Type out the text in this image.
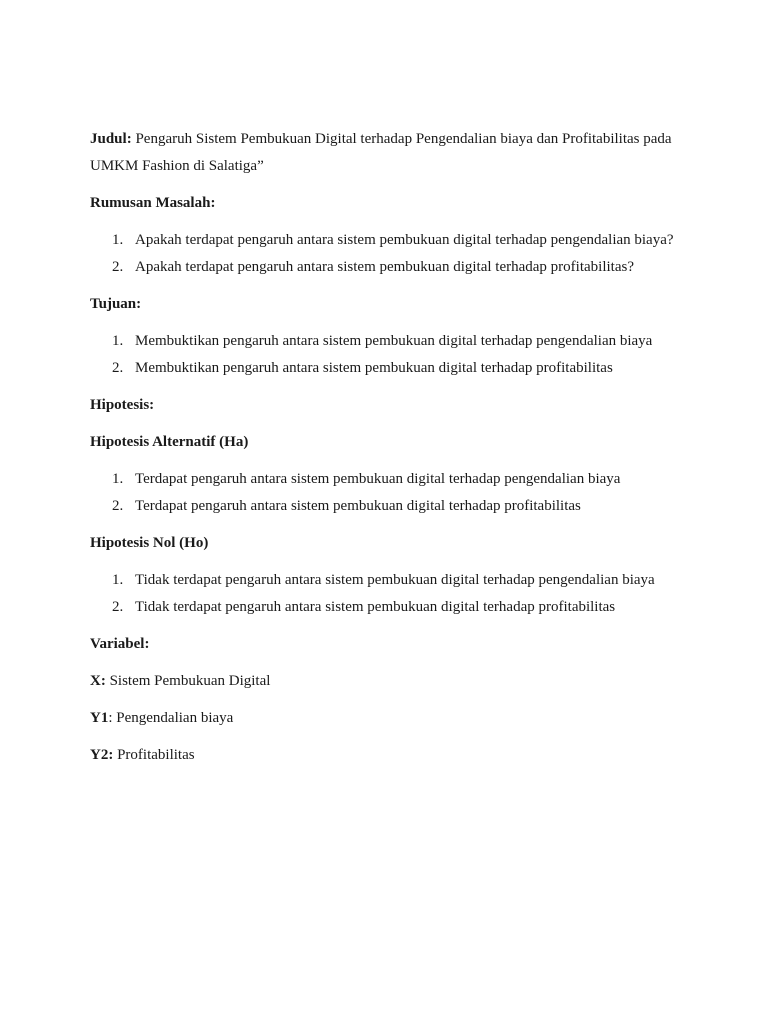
Judul: Pengaruh Sistem Pembukuan Digital terhadap Pengendalian biaya dan Profitabilitas pada UMKM Fashion di Salatiga”

Rumusan Masalah:

1. Apakah terdapat pengaruh antara sistem pembukuan digital terhadap pengendalian biaya?
2. Apakah terdapat pengaruh antara sistem pembukuan digital terhadap profitabilitas?

Tujuan:

1. Membuktikan pengaruh antara sistem pembukuan digital terhadap pengendalian biaya
2. Membuktikan pengaruh antara sistem pembukuan digital terhadap profitabilitas

Hipotesis:

Hipotesis Alternatif (Ha)

1. Terdapat pengaruh antara sistem pembukuan digital terhadap pengendalian biaya
2. Terdapat pengaruh antara sistem pembukuan digital terhadap profitabilitas

Hipotesis Nol (Ho)

1. Tidak terdapat pengaruh antara sistem pembukuan digital terhadap pengendalian biaya
2. Tidak terdapat pengaruh antara sistem pembukuan digital terhadap profitabilitas

Variabel:

X: Sistem Pembukuan Digital

Y1: Pengendalian biaya

Y2: Profitabilitas
